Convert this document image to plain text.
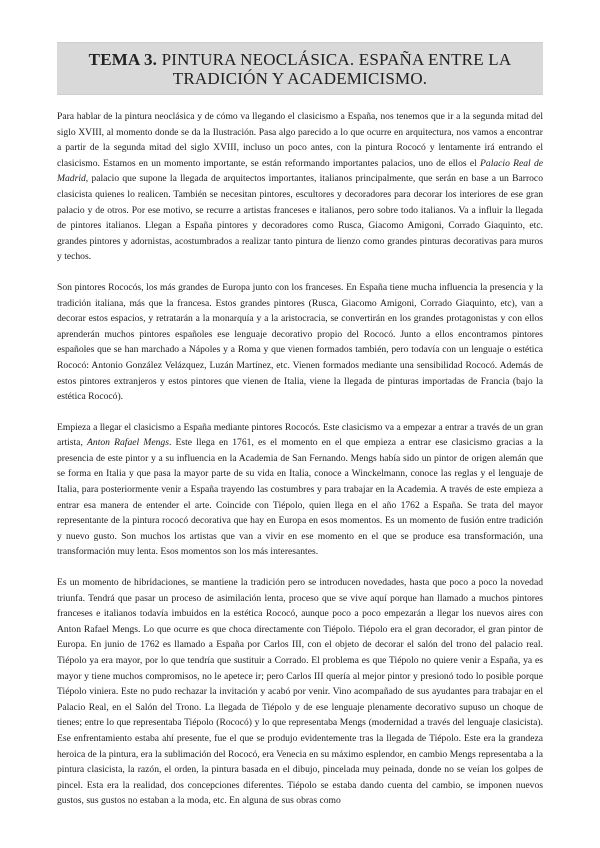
TEMA 3. PINTURA NEOCLÁSICA. ESPAÑA ENTRE LA TRADICIÓN Y ACADEMICISMO.

Para hablar de la pintura neoclásica y de cómo va llegando el clasicismo a España, nos tenemos que ir a la segunda mitad del siglo XVIII, al momento donde se da la Ilustración. Pasa algo parecido a lo que ocurre en arquitectura, nos vamos a encontrar a partir de la segunda mitad del siglo XVIII, incluso un poco antes, con la pintura Rococó y lentamente irá entrando el clasicismo. Estamos en un momento importante, se están reformando importantes palacios, uno de ellos el Palacio Real de Madrid, palacio que supone la llegada de arquitectos importantes, italianos principalmente, que serán en base a un Barroco clasicista quienes lo realicen. También se necesitan pintores, escultores y decoradores para decorar los interiores de ese gran palacio y de otros. Por ese motivo, se recurre a artistas franceses e italianos, pero sobre todo italianos. Va a influir la llegada de pintores italianos. Llegan a España pintores y decoradores como Rusca, Giacomo Amigoni, Corrado Giaquinto, etc. grandes pintores y adornistas, acostumbrados a realizar tanto pintura de lienzo como grandes pinturas decorativas para muros y techos.

Son pintores Rococós, los más grandes de Europa junto con los franceses. En España tiene mucha influencia la presencia y la tradición italiana, más que la francesa. Estos grandes pintores (Rusca, Giacomo Amigoni, Corrado Giaquinto, etc), van a decorar estos espacios, y retratarán a la monarquía y a la aristocracia, se convertirán en los grandes protagonistas y con ellos aprenderán muchos pintores españoles ese lenguaje decorativo propio del Rococó. Junto a ellos encontramos pintores españoles que se han marchado a Nápoles y a Roma y que vienen formados también, pero todavía con un lenguaje o estética Rococó: Antonio González Velázquez, Luzán Martínez, etc. Vienen formados mediante una sensibilidad Rococó. Además de estos pintores extranjeros y estos pintores que vienen de Italia, viene la llegada de pinturas importadas de Francia (bajo la estética Rococó).

Empieza a llegar el clasicismo a España mediante pintores Rococós. Este clasicismo va a empezar a entrar a través de un gran artista, Anton Rafael Mengs. Este llega en 1761, es el momento en el que empieza a entrar ese clasicismo gracias a la presencia de este pintor y a su influencia en la Academia de San Fernando. Mengs había sido un pintor de origen alemán que se forma en Italia y que pasa la mayor parte de su vida en Italia, conoce a Winckelmann, conoce las reglas y el lenguaje de Italia, para posteriormente venir a España trayendo las costumbres y para trabajar en la Academia. A través de este empieza a entrar esa manera de entender el arte. Coincide con Tiépolo, quien llega en el año 1762 a España. Se trata del mayor representante de la pintura rococó decorativa que hay en Europa en esos momentos. Es un momento de fusión entre tradición y nuevo gusto. Son muchos los artistas que van a vivir en ese momento en el que se produce esa transformación, una transformación muy lenta. Esos momentos son los más interesantes.

Es un momento de hibridaciones, se mantiene la tradición pero se introducen novedades, hasta que poco a poco la novedad triunfa. Tendrá que pasar un proceso de asimilación lenta, proceso que se vive aquí porque han llamado a muchos pintores franceses e italianos todavía imbuidos en la estética Rococó, aunque poco a poco empezarán a llegar los nuevos aires con Anton Rafael Mengs. Lo que ocurre es que choca directamente con Tiépolo. Tiépolo era el gran decorador, el gran pintor de Europa. En junio de 1762 es llamado a España por Carlos III, con el objeto de decorar el salón del trono del palacio real. Tiépolo ya era mayor, por lo que tendría que sustituir a Corrado. El problema es que Tiépolo no quiere venir a España, ya es mayor y tiene muchos compromisos, no le apetece ir; pero Carlos III quería al mejor pintor y presionó todo lo posible porque Tiépolo viniera. Este no pudo rechazar la invitación y acabó por venir. Vino acompañado de sus ayudantes para trabajar en el Palacio Real, en el Salón del Trono. La llegada de Tiépolo y de ese lenguaje plenamente decorativo supuso un choque de tienes; entre lo que representaba Tiépolo (Rococó) y lo que representaba Mengs (modernidad a través del lenguaje clasicista). Ese enfrentamiento estaba ahí presente, fue el que se produjo evidentemente tras la llegada de Tiépolo. Este era la grandeza heroica de la pintura, era la sublimación del Rococó, era Venecia en su máximo esplendor, en cambio Mengs representaba a la pintura clasicista, la razón, el orden, la pintura basada en el dibujo, pincelada muy peinada, donde no se veían los golpes de pincel. Esta era la realidad, dos concepciones diferentes. Tiépolo se estaba dando cuenta del cambio, se imponen nuevos gustos, sus gustos no estaban a la moda, etc. En alguna de sus obras como
